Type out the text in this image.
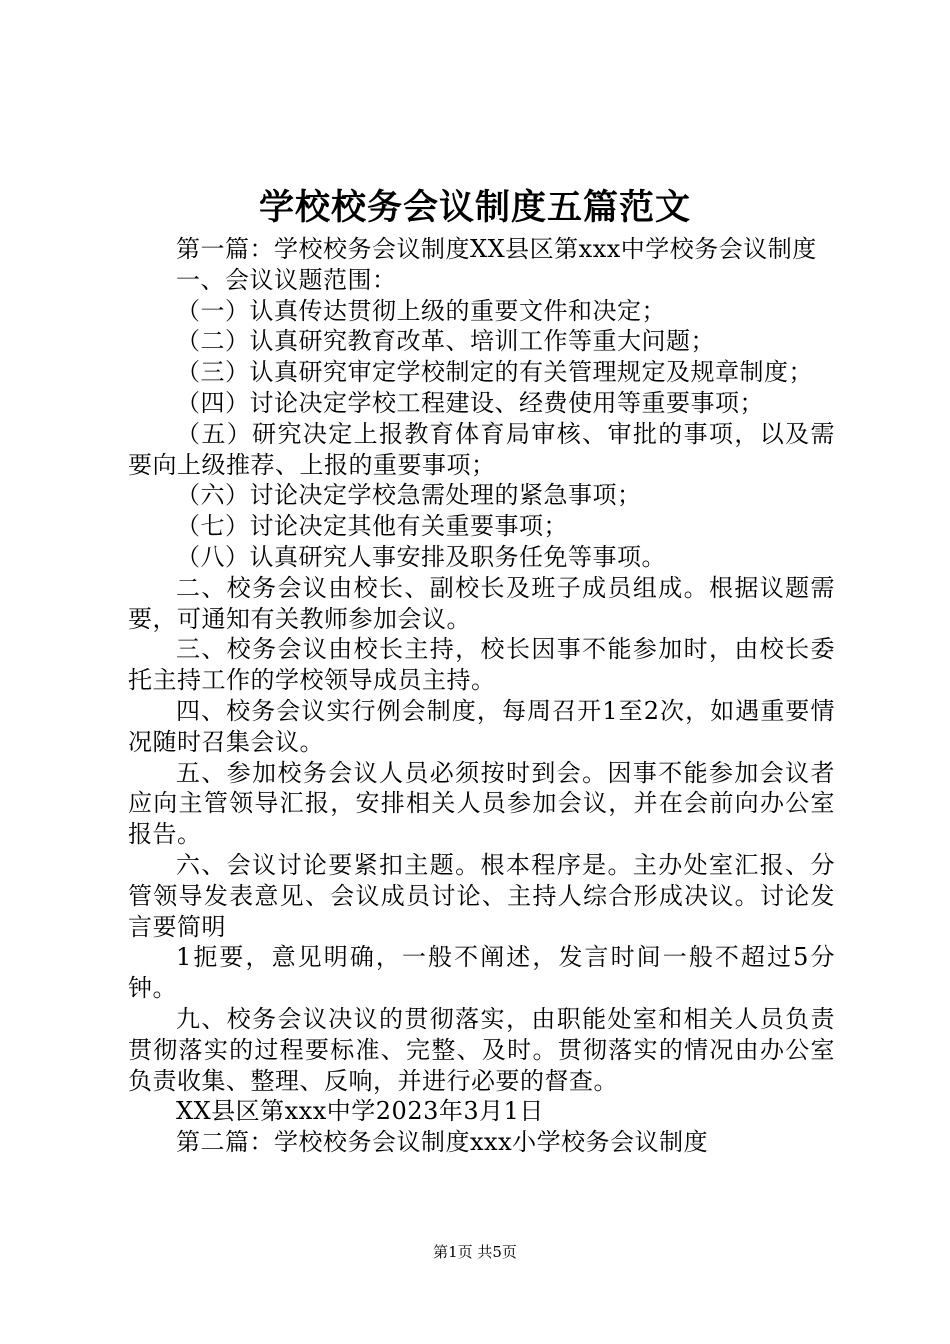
学校校务会议制度五篇范文

第一篇：学校校务会议制度XX县区第xxx中学校务会议制度

一、会议议题范围：

（一）认真传达贯彻上级的重要文件和决定；

（二）认真研究教育改革、培训工作等重大问题；

（三）认真研究审定学校制定的有关管理规定及规章制度；

（四）讨论决定学校工程建设、经费使用等重要事项；

（五）研究决定上报教育体育局审核、审批的事项，以及需要向上级推荐、上报的重要事项；

（六）讨论决定学校急需处理的紧急事项；

（七）讨论决定其他有关重要事项；

（八）认真研究人事安排及职务任免等事项。

二、校务会议由校长、副校长及班子成员组成。根据议题需要，可通知有关教师参加会议。

三、校务会议由校长主持，校长因事不能参加时，由校长委托主持工作的学校领导成员主持。

四、校务会议实行例会制度，每周召开1至2次，如遇重要情况随时召集会议。

五、参加校务会议人员必须按时到会。因事不能参加会议者应向主管领导汇报，安排相关人员参加会议，并在会前向办公室报告。

六、会议讨论要紧扣主题。根本程序是。主办处室汇报、分管领导发表意见、会议成员讨论、主持人综合形成决议。讨论发言要简明

1扼要，意见明确，一般不阐述，发言时间一般不超过5分钟。

九、校务会议决议的贯彻落实，由职能处室和相关人员负责贯彻落实的过程要标准、完整、及时。贯彻落实的情况由办公室负责收集、整理、反响，并进行必要的督查。

XX县区第xxx中学2023年3月1日

第二篇：学校校务会议制度xxx小学校务会议制度

第1页 共5页
